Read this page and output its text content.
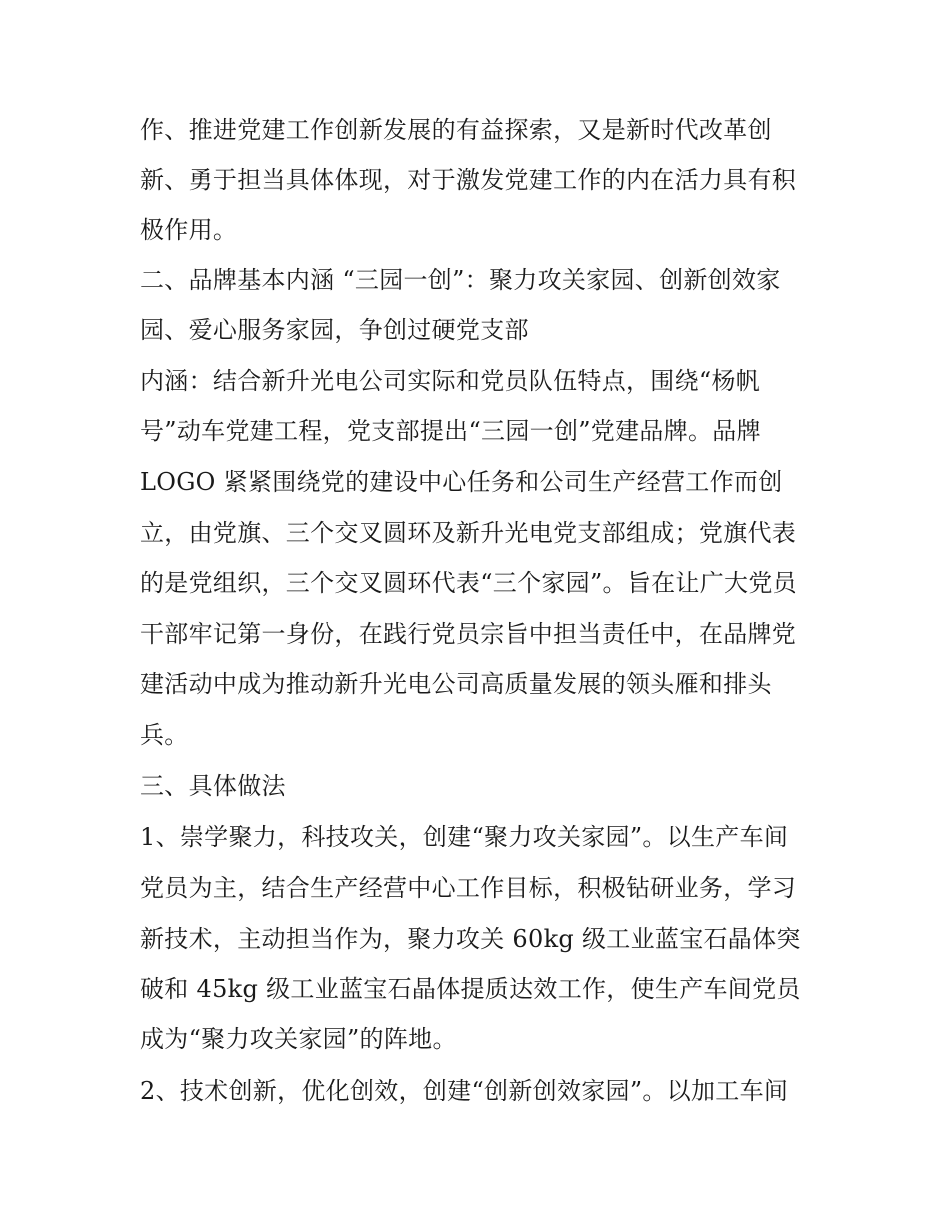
作、推进党建工作创新发展的有益探索，又是新时代改革创
新、勇于担当具体体现，对于激发党建工作的内在活力具有积
极作用。
二、品牌基本内涵 “三园一创”：聚力攻关家园、创新创效家
园、爱心服务家园，争创过硬党支部
内涵：结合新升光电公司实际和党员队伍特点，围绕“杨帆
号”动车党建工程，党支部提出“三园一创”党建品牌。品牌
LOGO 紧紧围绕党的建设中心任务和公司生产经营工作而创
立，由党旗、三个交叉圆环及新升光电党支部组成；党旗代表
的是党组织，三个交叉圆环代表“三个家园”。旨在让广大党员
干部牢记第一身份，在践行党员宗旨中担当责任中，在品牌党
建活动中成为推动新升光电公司高质量发展的领头雁和排头
兵。
三、具体做法
1、崇学聚力，科技攻关，创建“聚力攻关家园”。以生产车间
党员为主，结合生产经营中心工作目标，积极钻研业务，学习
新技术，主动担当作为，聚力攻关 60kg 级工业蓝宝石晶体突
破和 45kg 级工业蓝宝石晶体提质达效工作，使生产车间党员
成为“聚力攻关家园”的阵地。
2、技术创新，优化创效，创建“创新创效家园”。以加工车间
